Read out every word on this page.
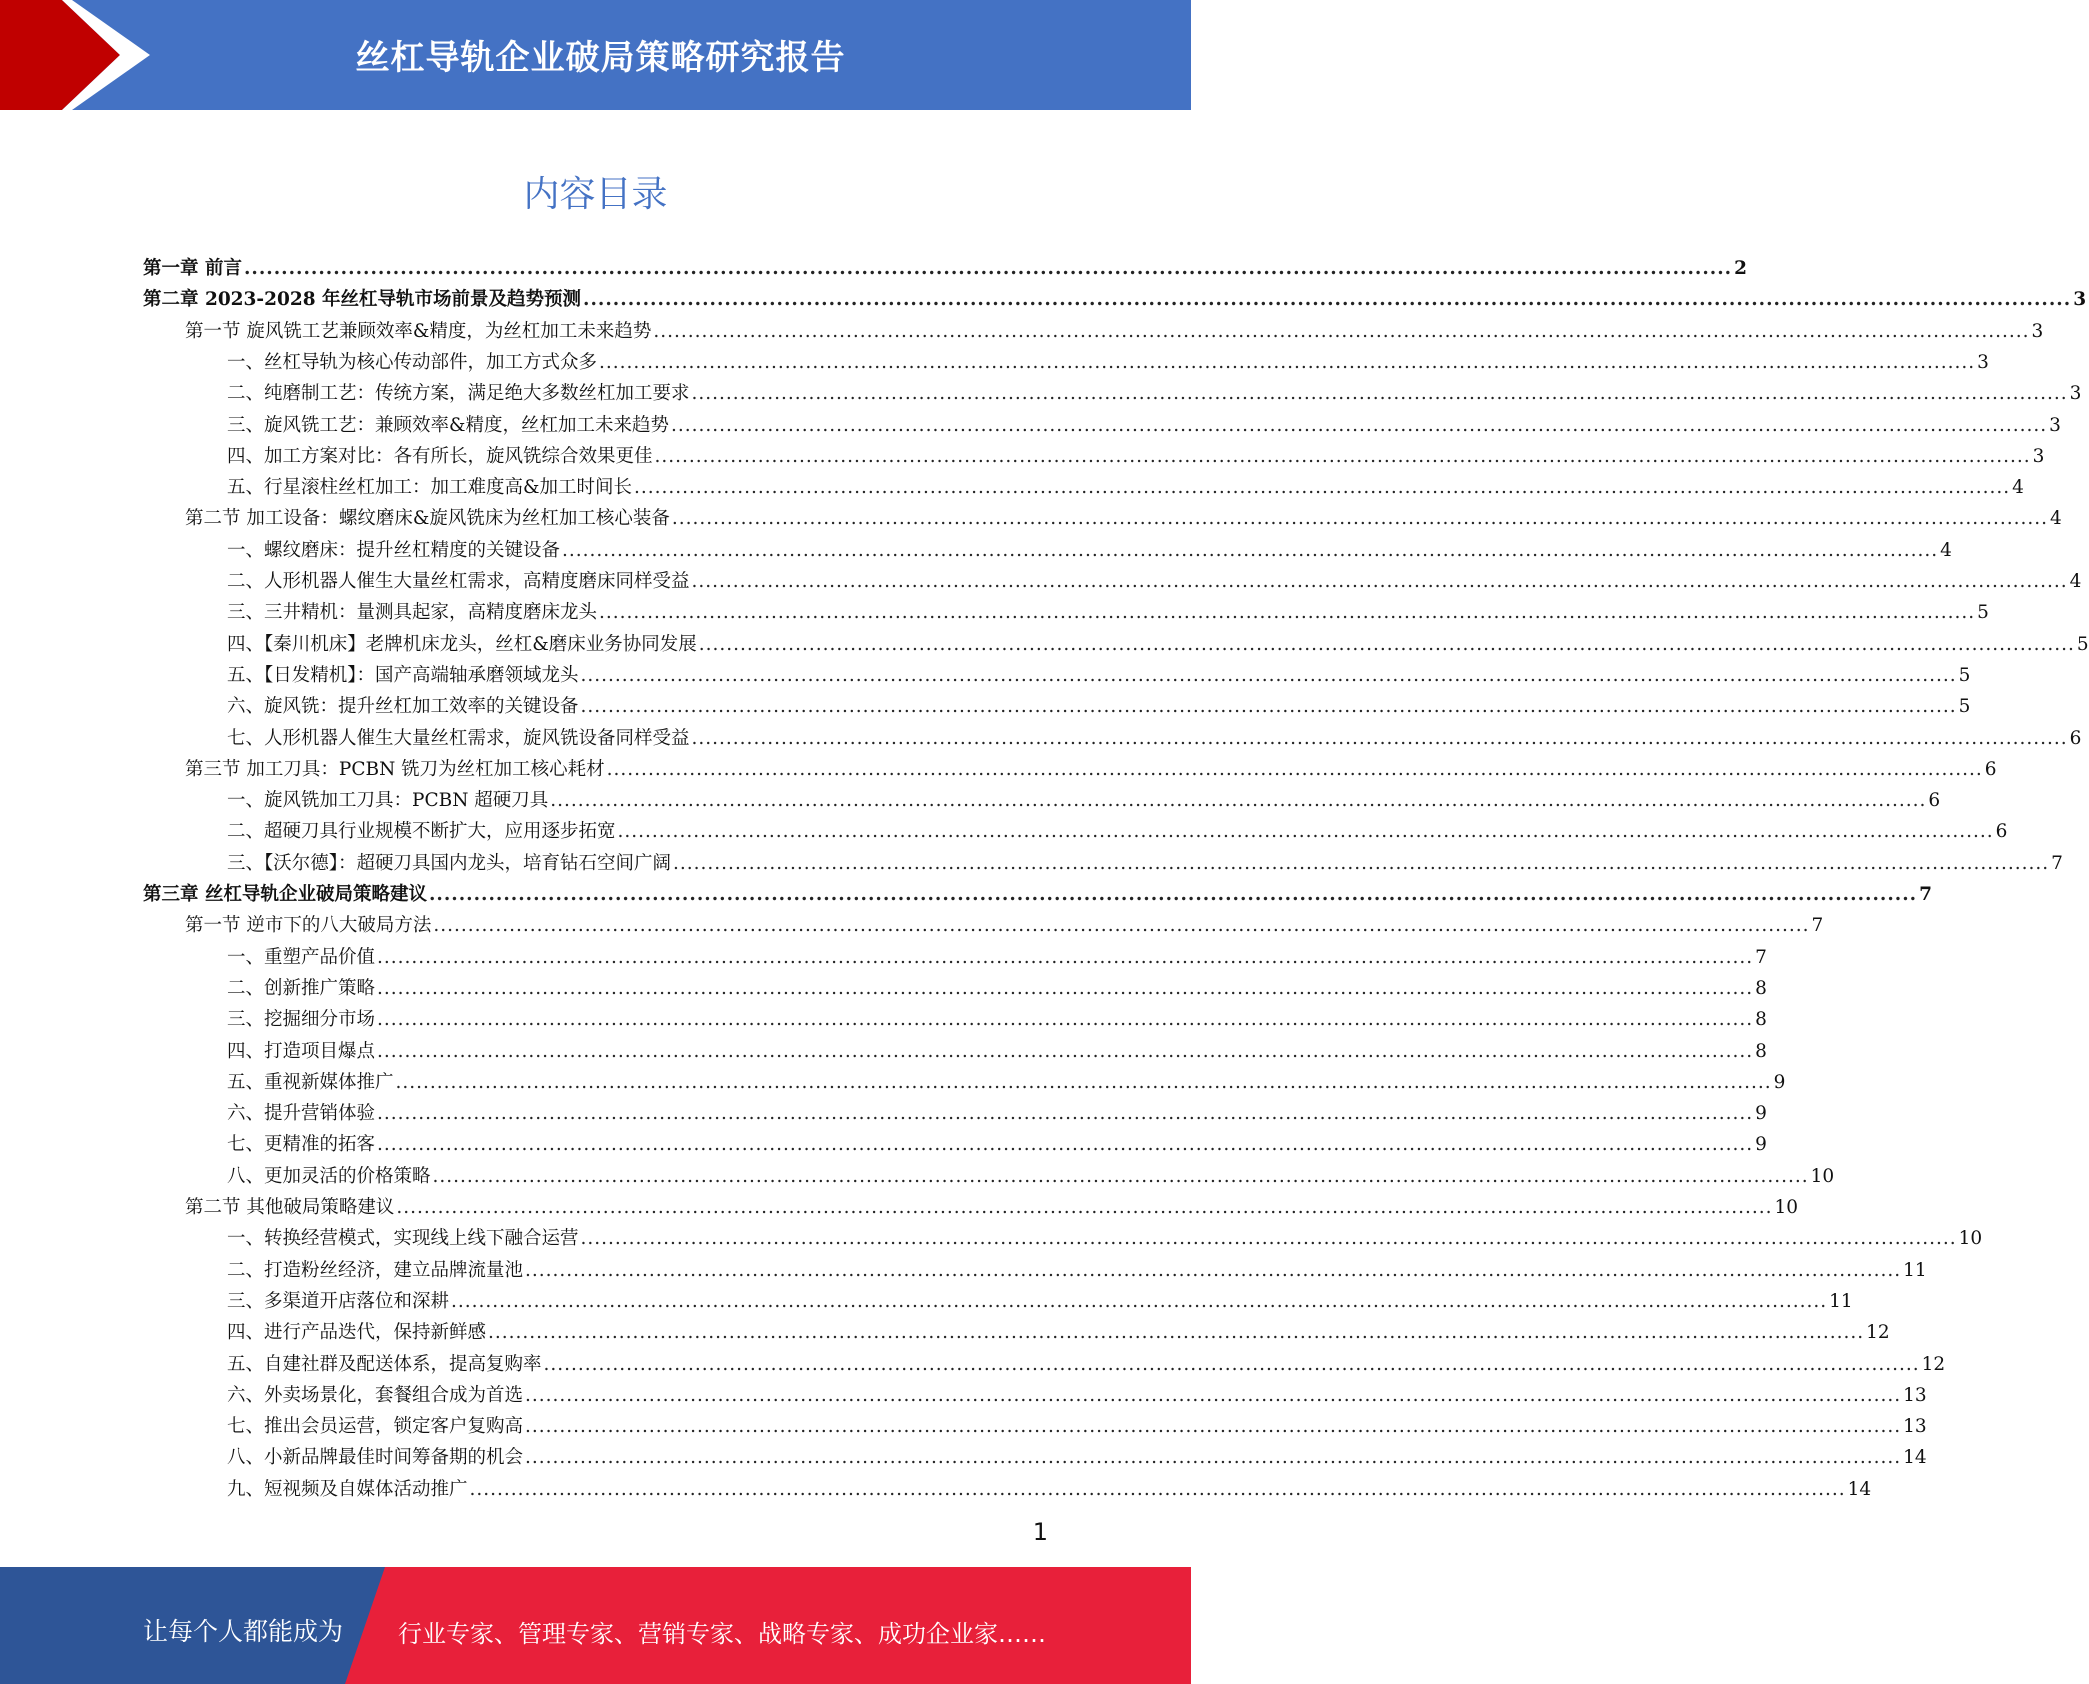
丝杠导轨企业破局策略研究报告
内容目录
第一章 前言 ........................................................................................................................................................................................................ 2
第二章 2023-2028 年丝杠导轨市场前景及趋势预测 ........................................................................................................................................................................................................ 3
第一节 旋风铣工艺兼顾效率&精度，为丝杠加工未来趋势 ........................................................................................................................................................................................................ 3
一、丝杠导轨为核心传动部件，加工方式众多 ........................................................................................................................................................................................................ 3
二、纯磨制工艺：传统方案，满足绝大多数丝杠加工要求 ........................................................................................................................................................................................................ 3
三、旋风铣工艺：兼顾效率&精度，丝杠加工未来趋势 ........................................................................................................................................................................................................ 3
四、加工方案对比：各有所长，旋风铣综合效果更佳 ........................................................................................................................................................................................................ 3
五、行星滚柱丝杠加工：加工难度高&加工时间长 ........................................................................................................................................................................................................ 4
第二节 加工设备：螺纹磨床&旋风铣床为丝杠加工核心装备 ........................................................................................................................................................................................................ 4
一、螺纹磨床：提升丝杠精度的关键设备 ........................................................................................................................................................................................................ 4
二、人形机器人催生大量丝杠需求，高精度磨床同样受益 ........................................................................................................................................................................................................ 4
三、三井精机：量测具起家，高精度磨床龙头 ........................................................................................................................................................................................................ 5
四、【秦川机床】老牌机床龙头，丝杠&磨床业务协同发展 ........................................................................................................................................................................................................ 5
五、【日发精机】：国产高端轴承磨领域龙头 ........................................................................................................................................................................................................ 5
六、旋风铣：提升丝杠加工效率的关键设备 ........................................................................................................................................................................................................ 5
七、人形机器人催生大量丝杠需求，旋风铣设备同样受益 ........................................................................................................................................................................................................ 6
第三节 加工刀具：PCBN 铣刀为丝杠加工核心耗材 ........................................................................................................................................................................................................ 6
一、旋风铣加工刀具：PCBN 超硬刀具 ........................................................................................................................................................................................................ 6
二、超硬刀具行业规模不断扩大，应用逐步拓宽 ........................................................................................................................................................................................................ 6
三、【沃尔德】：超硬刀具国内龙头，培育钻石空间广阔 ........................................................................................................................................................................................................ 7
第三章 丝杠导轨企业破局策略建议 ........................................................................................................................................................................................................ 7
第一节 逆市下的八大破局方法 ........................................................................................................................................................................................................ 7
一、重塑产品价值 ........................................................................................................................................................................................................ 7
二、创新推广策略 ........................................................................................................................................................................................................ 8
三、挖掘细分市场 ........................................................................................................................................................................................................ 8
四、打造项目爆点 ........................................................................................................................................................................................................ 8
五、重视新媒体推广 ........................................................................................................................................................................................................ 9
六、提升营销体验 ........................................................................................................................................................................................................ 9
七、更精准的拓客 ........................................................................................................................................................................................................ 9
八、更加灵活的价格策略 ........................................................................................................................................................................................................ 10
第二节 其他破局策略建议 ........................................................................................................................................................................................................ 10
一、转换经营模式，实现线上线下融合运营 ........................................................................................................................................................................................................ 10
二、打造粉丝经济，建立品牌流量池 ........................................................................................................................................................................................................ 11
三、多渠道开店落位和深耕 ........................................................................................................................................................................................................ 11
四、进行产品迭代，保持新鲜感 ........................................................................................................................................................................................................ 12
五、自建社群及配送体系，提高复购率 ........................................................................................................................................................................................................ 12
六、外卖场景化，套餐组合成为首选 ........................................................................................................................................................................................................ 13
七、推出会员运营，锁定客户复购高 ........................................................................................................................................................................................................ 13
八、小新品牌最佳时间筹备期的机会 ........................................................................................................................................................................................................ 14
九、短视频及自媒体活动推广 ........................................................................................................................................................................................................ 14
1
让每个人都能成为 行业专家、管理专家、营销专家、战略专家、成功企业家……
